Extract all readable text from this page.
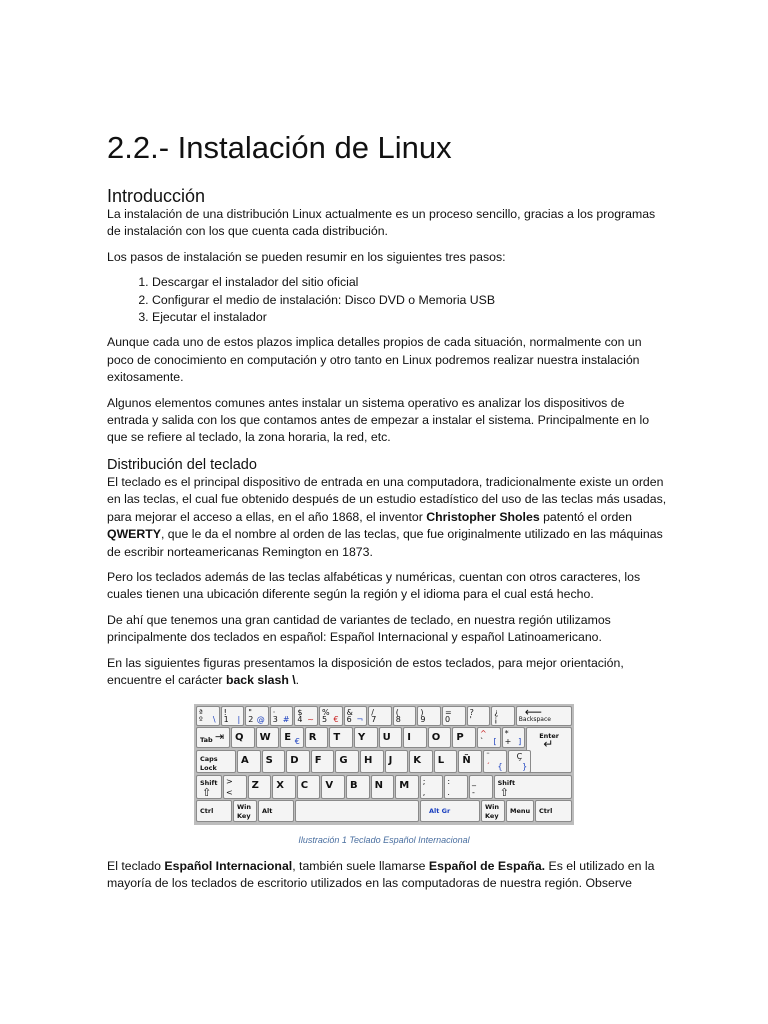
2.2.- Instalación de Linux
Introducción

La instalación de una distribución Linux actualmente es un proceso sencillo, gracias a los programas de instalación con los que cuenta cada distribución.

Los pasos de instalación se pueden resumir en los siguientes tres pasos:

1. Descargar el instalador del sitio oficial
2. Configurar el medio de instalación: Disco DVD o Memoria USB
3. Ejecutar el instalador

Aunque cada uno de estos plazos implica detalles propios de cada situación, normalmente con un poco de conocimiento en computación y otro tanto en Linux podremos realizar nuestra instalación exitosamente.

Algunos elementos comunes antes instalar un sistema operativo es analizar los dispositivos de entrada y salida con los que contamos antes de empezar a instalar el sistema. Principalmente en lo que se refiere al teclado, la zona horaria, la red, etc.

Distribución del teclado

El teclado es el principal dispositivo de entrada en una computadora, tradicionalmente existe un orden en las teclas, el cual fue obtenido después de un estudio estadístico del uso de las teclas más usadas, para mejorar el acceso a ellas, en el año 1868, el inventor Christopher Sholes patentó el orden QWERTY, que le da el nombre al orden de las teclas, que fue originalmente utilizado en las máquinas de escribir norteamericanas Remington en 1873.

Pero los teclados además de las teclas alfabéticas y numéricas, cuentan con otros caracteres, los cuales tienen una ubicación diferente según la región y el idioma para el cual está hecho.

De ahí que tenemos una gran cantidad de variantes de teclado, en nuestra región utilizamos principalmente dos teclados en español: Español Internacional y español Latinoamericano.

En las siguientes figuras presentamos la disposición de estos teclados, para mejor orientación, encuentre el carácter back slash \.

ª
º \
!
1 |
"
2 @
·
3 #
$
4 ~
%
5 €
&
6 ¬
/
7
(
8
)
9
=
0
?
'
¿
¡
⟵
Backspace
Tab ⇥ Q W E € R T Y U I O P ^
` [
*
+ ]
Enter
↵
Caps Lock
A S D F G H J K L Ñ ¨
´ {
Ç
}
Shift
⇧
>
<
Z X C V B N M ;
,
:
.
_
-
Shift
⇧
Ctrl	Win Key
Alt	Alt Gr	Win Key
Menu Ctrl
Ilustración 1 Teclado Español Internacional

El teclado Español Internacional, también suele llamarse Español de España. Es el utilizado en la mayoría de los teclados de escritorio utilizados en las computadoras de nuestra región. Observe
